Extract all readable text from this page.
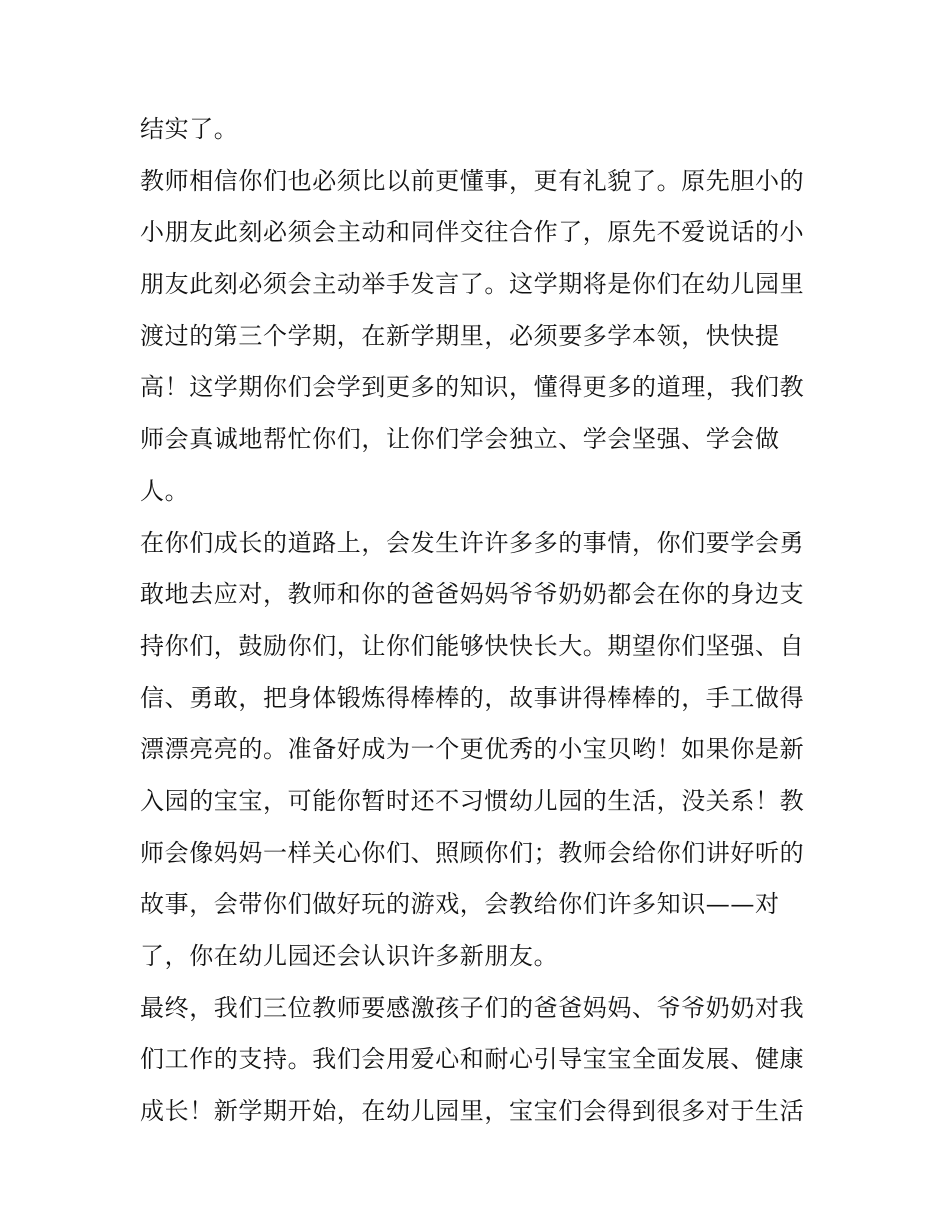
结实了。
教师相信你们也必须比以前更懂事，更有礼貌了。原先胆小的
小朋友此刻必须会主动和同伴交往合作了，原先不爱说话的小
朋友此刻必须会主动举手发言了。这学期将是你们在幼儿园里
渡过的第三个学期，在新学期里，必须要多学本领，快快提
高！这学期你们会学到更多的知识，懂得更多的道理，我们教
师会真诚地帮忙你们，让你们学会独立、学会坚强、学会做
人。
在你们成长的道路上，会发生许许多多的事情，你们要学会勇
敢地去应对，教师和你的爸爸妈妈爷爷奶奶都会在你的身边支
持你们，鼓励你们，让你们能够快快长大。期望你们坚强、自
信、勇敢，把身体锻炼得棒棒的，故事讲得棒棒的，手工做得
漂漂亮亮的。准备好成为一个更优秀的小宝贝哟！如果你是新
入园的宝宝，可能你暂时还不习惯幼儿园的生活，没关系！教
师会像妈妈一样关心你们、照顾你们；教师会给你们讲好听的
故事，会带你们做好玩的游戏，会教给你们许多知识——对
了，你在幼儿园还会认识许多新朋友。
最终，我们三位教师要感激孩子们的爸爸妈妈、爷爷奶奶对我
们工作的支持。我们会用爱心和耐心引导宝宝全面发展、健康
成长！新学期开始，在幼儿园里，宝宝们会得到很多对于生活
